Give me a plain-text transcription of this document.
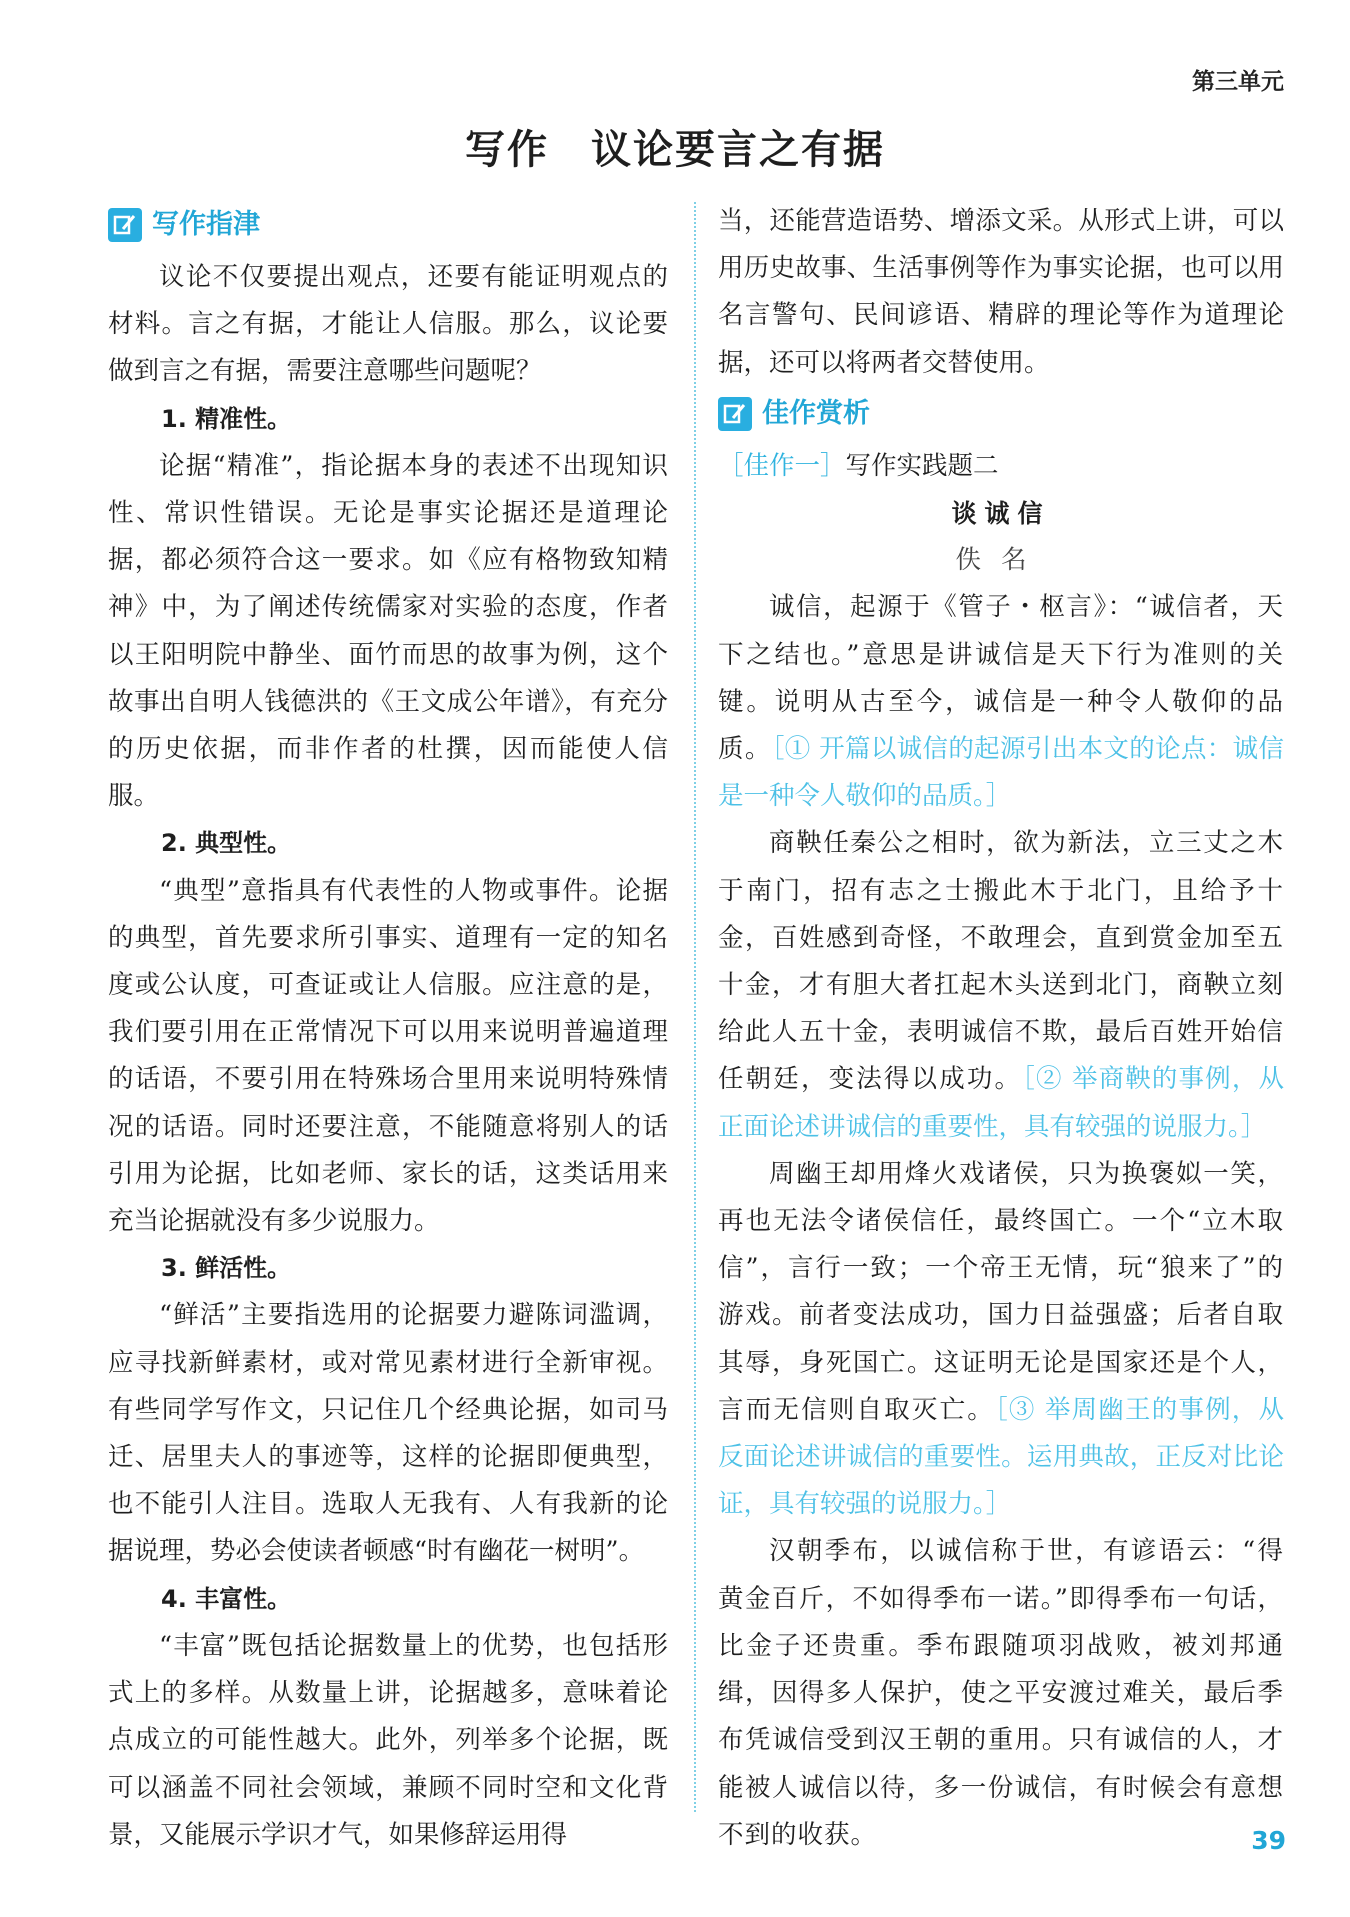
第三单元
写作　议论要言之有据
写作指津

议论不仅要提出观点，还要有能证明观点的材料。言之有据，才能让人信服。那么，议论要做到言之有据，需要注意哪些问题呢？

1. 精准性。

论据“精准”，指论据本身的表述不出现知识性、常识性错误。无论是事实论据还是道理论据，都必须符合这一要求。如《应有格物致知精神》中，为了阐述传统儒家对实验的态度，作者以王阳明院中静坐、面竹而思的故事为例，这个故事出自明人钱德洪的《王文成公年谱》，有充分的历史依据，而非作者的杜撰，因而能使人信服。

2. 典型性。

“典型”意指具有代表性的人物或事件。论据的典型，首先要求所引事实、道理有一定的知名度或公认度，可查证或让人信服。应注意的是，我们要引用在正常情况下可以用来说明普遍道理的话语，不要引用在特殊场合里用来说明特殊情况的话语。同时还要注意，不能随意将别人的话引用为论据，比如老师、家长的话，这类话用来充当论据就没有多少说服力。

3. 鲜活性。

“鲜活”主要指选用的论据要力避陈词滥调，应寻找新鲜素材，或对常见素材进行全新审视。有些同学写作文，只记住几个经典论据，如司马迁、居里夫人的事迹等，这样的论据即便典型，也不能引人注目。选取人无我有、人有我新的论据说理，势必会使读者顿感“时有幽花一树明”。

4. 丰富性。

“丰富”既包括论据数量上的优势，也包括形式上的多样。从数量上讲，论据越多，意味着论点成立的可能性越大。此外，列举多个论据，既可以涵盖不同社会领域，兼顾不同时空和文化背景，又能展示学识才气，如果修辞运用得

当，还能营造语势、增添文采。从形式上讲，可以用历史故事、生活事例等作为事实论据，也可以用名言警句、民间谚语、精辟的理论等作为道理论据，还可以将两者交替使用。

佳作赏析

［佳作一］写作实践题二

谈诚信

佚名

诚信，起源于《管子・枢言》：“诚信者，天下之结也。”意思是讲诚信是天下行为准则的关键。说明从古至今，诚信是一种令人敬仰的品质。［① 开篇以诚信的起源引出本文的论点：诚信是一种令人敬仰的品质。］

商鞅任秦公之相时，欲为新法，立三丈之木于南门，招有志之士搬此木于北门，且给予十金，百姓感到奇怪，不敢理会，直到赏金加至五十金，才有胆大者扛起木头送到北门，商鞅立刻给此人五十金，表明诚信不欺，最后百姓开始信任朝廷，变法得以成功。［② 举商鞅的事例，从正面论述讲诚信的重要性，具有较强的说服力。］

周幽王却用烽火戏诸侯，只为换褒姒一笑，再也无法令诸侯信任，最终国亡。一个“立木取信”，言行一致；一个帝王无情，玩“狼来了”的游戏。前者变法成功，国力日益强盛；后者自取其辱，身死国亡。这证明无论是国家还是个人，言而无信则自取灭亡。［③ 举周幽王的事例，从反面论述讲诚信的重要性。运用典故，正反对比论证，具有较强的说服力。］

汉朝季布，以诚信称于世，有谚语云：“得黄金百斤，不如得季布一诺。”即得季布一句话，比金子还贵重。季布跟随项羽战败，被刘邦通缉，因得多人保护，使之平安渡过难关，最后季布凭诚信受到汉王朝的重用。只有诚信的人，才能被人诚信以待，多一份诚信，有时候会有意想不到的收获。	39
